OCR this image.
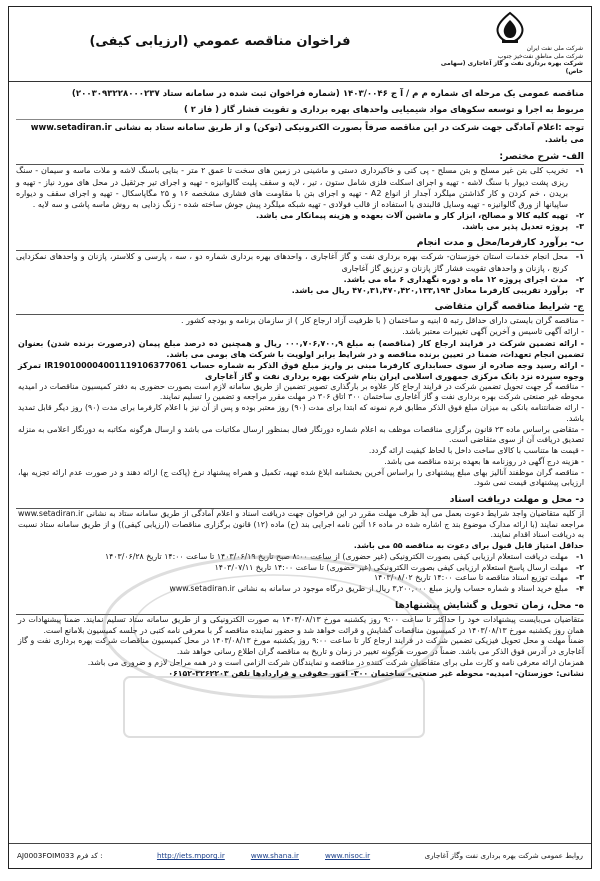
شرکت ملی نفت ایران
شرکت ملی مناطق نفت‌خیز جنوب
شرکت بهره برداری نفت و گاز آغاجاری (سهامی خاص)
فراخوان مناقصه عمومي (ارزیابی کیفی)
مناقصه عمومی یک مرحله ای شماره م م / آ ج ۱۴۰۳/۰۰۴۶ (شماره فراخوان ثبت شده در سامانه ستاد ۲۰۰۳۰۹۳۲۲۸۰۰۰۲۳۷)
مربوط به اجرا و توسعه سکوهای مواد شیمیایی واحدهای بهره برداری و تقویت فشار گاز ( فاز ۲ )
توجه :اعلام آمادگی جهت شرکت در این مناقصه صرفاً بصورت الکترونیکی (توکن) و از طریق سامانه ستاد به نشانی www.setadiran.ir می باشد.
الف- شرح مختصر:
۱-
تخریب کلی بتن غیر مسلح و بتن مسلح - پی کنی و خاکبرداری دستی و ماشینی در زمین های سخت تا عمق ۲ متر - بنایی باسنگ لاشه و ملات ماسه و سیمان - سنگ ریزی پشت دیوار با سنگ لاشه - تهیه و اجرای اسکلت فلزی شامل ستون ، تیر ، لایه و سقف پلیت گالوانیزه - تهیه و اجرای تیر جرثقیل در محل های مورد نیاز - تهیه و بریدن ، خم کردن و کار گذاشتن میلگرد آجدار از انواع A2 - تهیه و اجرای بتن با مقاومت های فشاری مشخصه ۱۶ و ۲۵ مگاپاسکال - تهیه و اجرای سقف و دیواره ساپیانها از ورق گالوانیزه - تهیه وسایل قالبندی با استفاده از قالب فولادی - تهیه شبکه میلگرد پیش جوش ساخته شده - زنگ زدایی به روش ماسه پاشی و سه لایه .
۲-
تهیه کلیه کالا و مصالح، ابزار کار و ماشین آلات بعهده و هزینه پیمانکار می باشد.
۳-
پروژه تعدیل پذیر می باشد.
ب- برآورد کارفرما/محل و مدت انجام
۱-
محل انجام خدمات استان خوزستان- شرکت بهره برداری نفت و گاز آغاجاری ، واحدهای بهره برداری شماره دو ، سه ، پارسی و کلاستر، پازنان و واحدهای نمکزدایی کرنج ، پازنان و واحدهای تقویت فشار گاز پازنان و ترزیق گاز آغاجاری
۲-
مدت اجرای پروژه ۱۲ ماه و دوره نگهداری ۶ ماه می باشد.
۳-
برآورد تقریبی کارفرما معادل ۴۷۰,۳۱,۴۷۰,۴۲۰,۱۳۳,۱۹۴ ریال می باشد.
ج- شرایط مناقصه گران متقاضی
- مناقصه گران بایستی دارای حداقل رتبه ۵ ابنیه و ساختمان ( با ظرفیت آزاد ارجاع کار ) از سازمان برنامه و بودجه کشور .
- ارائه آگهی تاسیس و آخرین آگهی تغییرات معتبر باشد.
- ارائه تضمین شرکت در فرایند ارجاع کار (مناقصه) به مبلغ ۰۰۰,۷۰۶,۷۰۰,۹ ریال و همچنین ده درصد مبلغ پیمان (درصورت برنده شدن) بعنوان تضمین انجام تعهدات، ضمنا در تعیین برنده مناقصه و در شرایط برابر اولویت با شرکت های بومی می باشد.
- ارائه رسید وجه صادره از سوی حسابداری کارفرما مبنی بر واریز مبلغ فوق الذکر به شماره حساب IR190100004001119106377061 تمرکز وجوه سپرده نزد بانک مرکزی جمهوری اسلامی ایران بنام شرکت بهره برداری نفت و گاز آغاجاری
- مناقصه گر جهت تحویل تضمین شرکت در فرایند ارجاع کار علاوه بر بارگذاری تصویر تضمین از طریق سامانه لازم است بصورت حضوری به دفتر کمیسیون مناقصات در امیدیه محوطه غیر صنعتی شرکت بهره برداری نفت و گاز آغاجاری ساختمان ۳۰۰ اتاق ۳۰۶ در مهلت مقرر مراجعه و تضمین را تسلیم نمایند.
- ارائه ضمانتنامه بانکی به میزان مبلغ فوق الذکر مطابق فرم نمونه که ابتدا برای مدت (۹۰) روز معتبر بوده و پس از آن نیز با اعلام کارفرما برای مدت (۹۰) روز دیگر قابل تمدید باشد.
- متقاضی براساس ماده ۲۳ قانون برگزاری مناقصات موظف به اعلام شماره دورنگار فعال بمنظور ارسال مکاتبات می باشد و ارسال هرگونه مکاتبه به دورنگار اعلامی به منزله تصدیق دریافت آن از سوی متقاضی است.
- قیمت ها متناسب با کالای ساخت داخل با لحاظ کیفیت ارائه گردد.
- هزینه درج آگهی در روزنامه ها بعهده برنده مناقصه می باشد.
- مناقصه گران موظفند آنالیز بهای مبلغ پیشنهادی را براساس آخرین بخشنامه ابلاغ شده تهیه، تکمیل و همراه پیشنهاد نرخ (پاکت ج) ارائه دهند و در صورت عدم ارائه تجزیه بها، ارزیابی پیشنهادی قیمت نمی شود.
د- محل و مهلت دریافت اسناد
از کلیه متقاضیان واجد شرایط دعوت بعمل می آید ظرف مهلت مقرر در این فراخوان جهت دریافت اسناد و اعلام آمادگی از طریق سامانه ستاد به نشانی www.setadiran.ir مراجعه نمایند (با ارائه مدارک موضوع بند ج اشاره شده در ماده ۱۶ آئین نامه اجرایی بند (ح) ماده (۱۲) قانون برگزاری مناقصات (ارزیابی کیفی)) و از طریق سامانه ستاد نسبت به دریافت اسناد اقدام نمایند.
حداقل امتیاز قابل قبول برای دعوت به مناقصه ۵۵ می باشد.
۱-
مهلت دریافت استعلام ارزیابی کیفی بصورت الکترونیکی (غیر حضوری) از ساعت ۸:۰۰ صبح تاریخ ۱۴۰۳/۰۶/۱۹ تا ساعت ۱۴:۰۰ تاریخ ۱۴۰۳/۰۶/۲۸
۲-
مهلت ارسال پاسخ استعلام ارزیابی کیفی بصورت الکترونیکی (غیر حضوری) تا ساعت ۱۴:۰۰ تاریخ ۱۴۰۳/۰۷/۱۱
۳-
مهلت توزیع اسناد مناقصه تا ساعت ۱۴:۰۰ تاریخ ۱۴۰۳/۰۸/۰۲
۴-
مبلغ خرید اسناد و شماره حساب واریز مبلغ ۳,۲۰۰,۰۰۰ ریال از طریق درگاه موجود در سامانه به نشانی www.setadiran.ir
ه- محل، زمان تحویل و گشایش پیشنهادها
متقاضیان می‌بایست پیشنهادات خود را حداکثر تا ساعت ۹:۰۰ روز یکشنبه مورخ ۱۴۰۳/۰۸/۱۳ به صورت الکترونیکی و از طریق سامانه ستاد تسلیم نمایند. ضمناً پیشنهادات در همان روز یکشنبه مورخ ۱۴۰۳/۰۸/۱۳ در کمیسیون مناقصات گشایش و قرائت خواهد شد و حضور نماینده مناقصه گر با معرفی نامه کتبی در جلسه کمیسیون بلامانع است.
ضمناً مهلت و محل تحویل فیزیکی تضمین شرکت در فرایند ارجاع کار تا ساعت ۹:۰۰ روز یکشنبه مورخ ۱۴۰۳/۰۸/۱۳ در محل کمیسیون مناقصات شرکت بهره برداری نفت و گاز آغاجاری در آدرس فوق الذکر می باشد. ضمناً در صورت هرگونه تغییر در زمان و تاریخ به مناقصه گران اطلاع رسانی خواهد شد.
همزمان ارائه معرفی نامه و کارت ملی برای متقاضیان شرکت کننده در مناقصه و نمایندگان شرکت الزامی است و در همه مراحل لازم و ضروری می باشد.
نشانی: خوزستان- امیدیه- محوطه غیر صنعتی- ساختمان ۳۰۰- امور حقوقی و قراردادها تلفن ۳۲۶۲۲۰۳-۰۶۱۵۲
AJ0003FOIM033 کد فرم :	http://iets.mporg.ir	www.shana.ir	www.nisoc.ir	روابط عمومی شرکت بهره برداری نفت وگاز آغاجاری
